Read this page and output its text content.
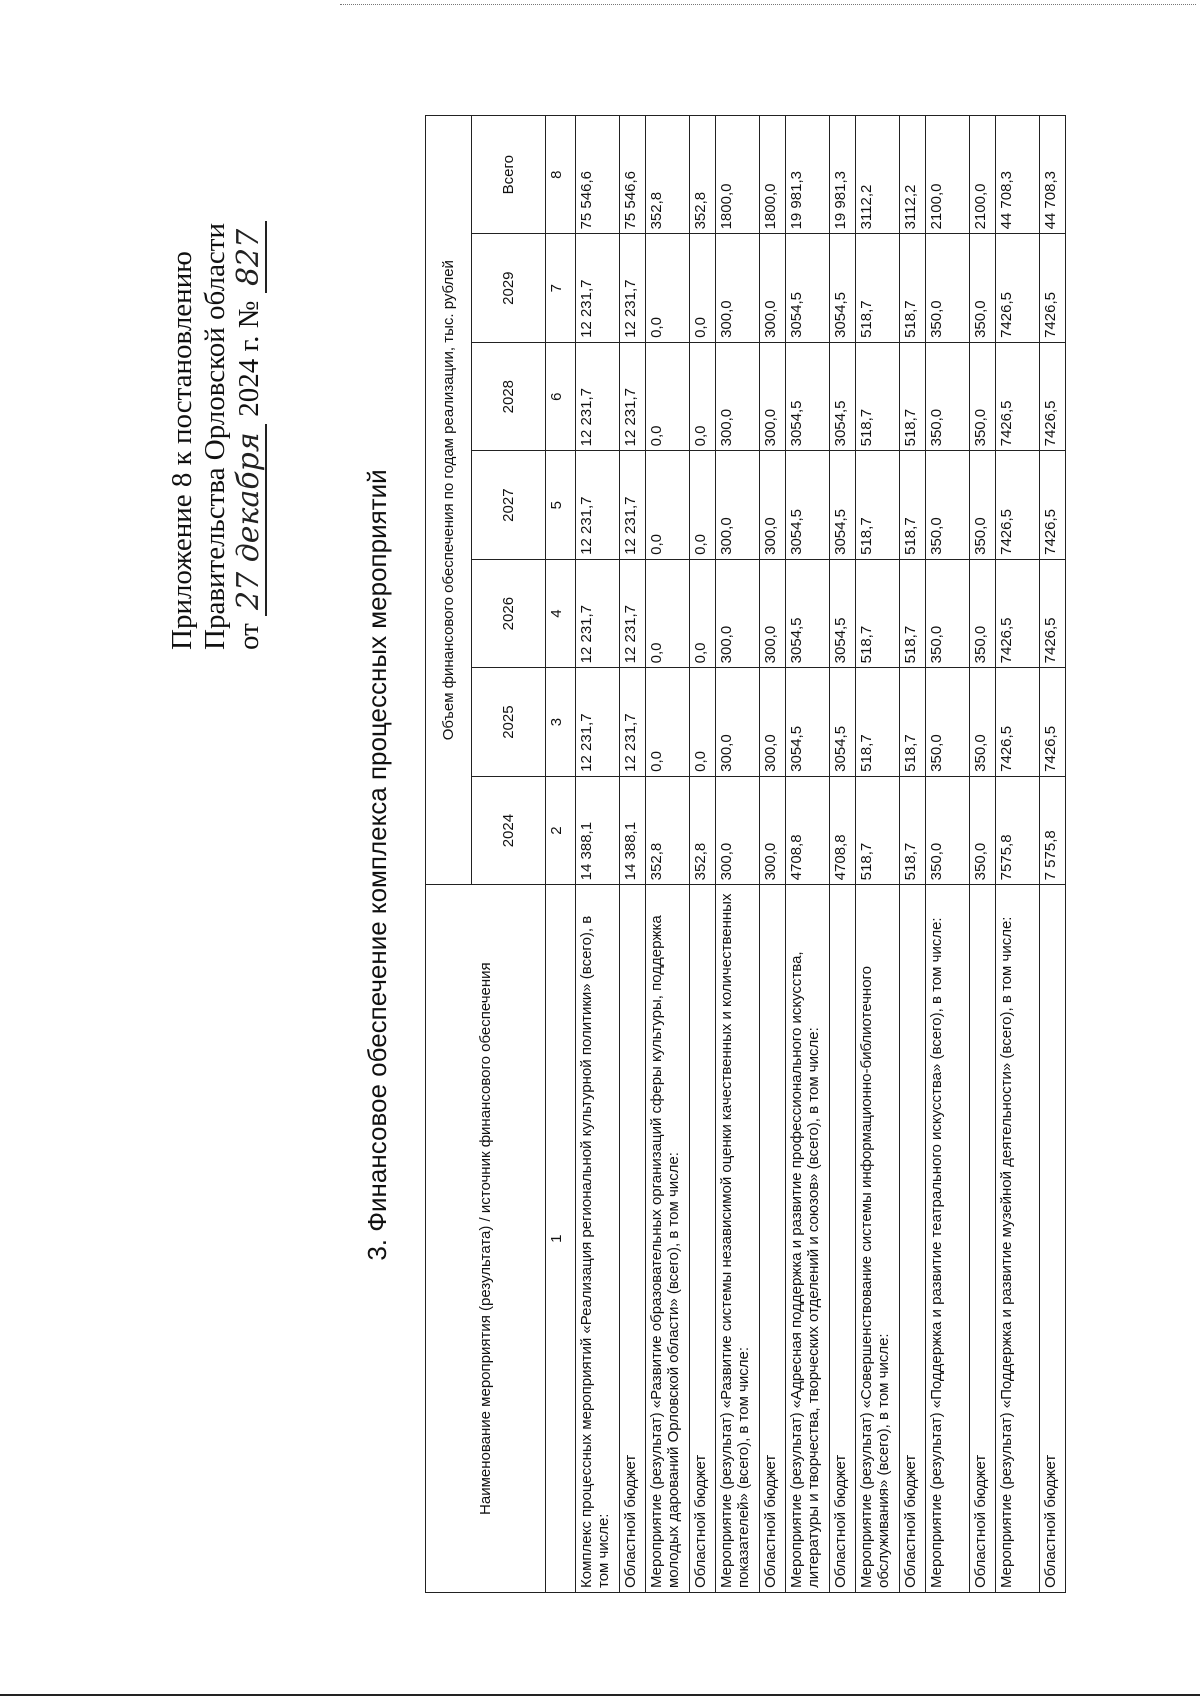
Приложение 8 к постановлению Правительства Орловской области от 27 декабря 2024 г. № 827
3. Финансовое обеспечение комплекса процессных мероприятий	Наименование мероприятия (результата) / источник финансового обеспечения	Объем финансового обеспечения по годам реализации, тыс. рублей						
	2024	2025	2026	2027	2028	2029	Всего
1	2	3	4	5	6	7	8
Комплекс процессных мероприятий «Реализация региональной культурной политики» (всего), в том числе:	14 388,1	12 231,7	12 231,7	12 231,7	12 231,7	12 231,7	75 546,6
Областной бюджет	14 388,1	12 231,7	12 231,7	12 231,7	12 231,7	12 231,7	75 546,6
Мероприятие (результат) «Развитие образовательных организаций сферы культуры, поддержка молодых дарований Орловской области» (всего), в том числе:	352,8	0,0	0,0	0,0	0,0	0,0	352,8
Областной бюджет	352,8	0,0	0,0	0,0	0,0	0,0	352,8
Мероприятие (результат) «Развитие системы независимой оценки качественных и количественных показателей» (всего), в том числе:	300,0	300,0	300,0	300,0	300,0	300,0	1800,0
Областной бюджет	300,0	300,0	300,0	300,0	300,0	300,0	1800,0
Мероприятие (результат) «Адресная поддержка и развитие профессионального искусства, литературы и творчества, творческих отделений и союзов» (всего), в том числе:	4708,8	3054,5	3054,5	3054,5	3054,5	3054,5	19 981,3
Областной бюджет	4708,8	3054,5	3054,5	3054,5	3054,5	3054,5	19 981,3
Мероприятие (результат) «Совершенствование системы информационно-библиотечного обслуживания» (всего), в том числе:	518,7	518,7	518,7	518,7	518,7	518,7	3112,2
Областной бюджет	518,7	518,7	518,7	518,7	518,7	518,7	3112,2
Мероприятие (результат) «Поддержка и развитие театрального искусства» (всего), в том числе:	350,0	350,0	350,0	350,0	350,0	350,0	2100,0
Областной бюджет	350,0	350,0	350,0	350,0	350,0	350,0	2100,0
Мероприятие (результат) «Поддержка и развитие музейной деятельности» (всего), в том числе:	7575,8	7426,5	7426,5	7426,5	7426,5	7426,5	44 708,3
Областной бюджет	7 575,8	7426,5	7426,5	7426,5	7426,5	7426,5	44 708,3
